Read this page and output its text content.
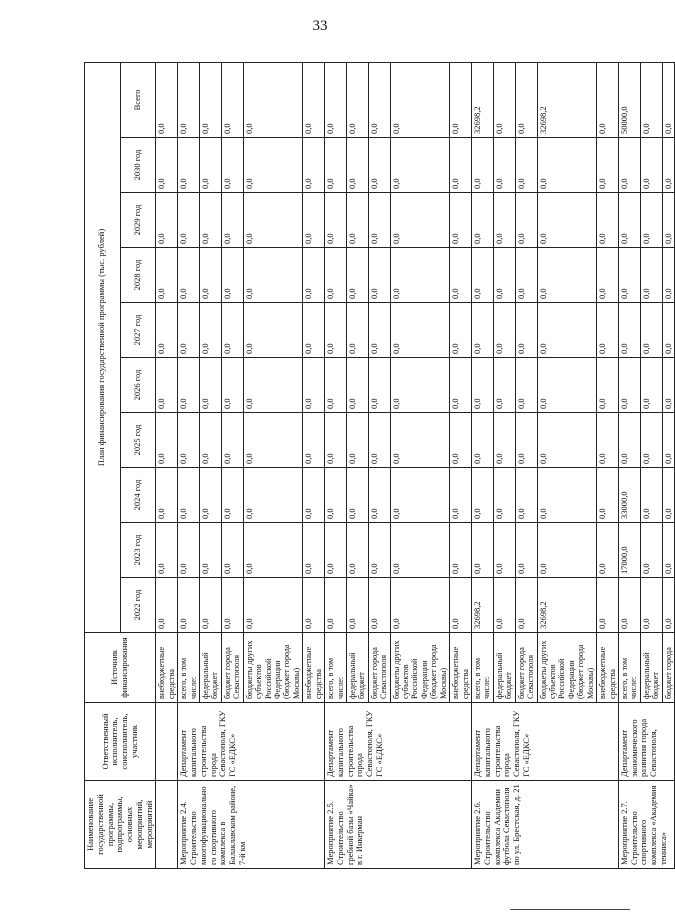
33
Наименование государственной программы, подпрограммы, основных мероприятий, мероприятий	Ответственный исполнитель, соисполнитель, участник	Источник финансирования	План финансирования государственной программы (тыс. рублей)									
			2022 год	2023 год	2024 год	2025 год	2026 год	2027 год	2028 год	2029 год	2030 год	Всего
		внебюджетные средства	0,0	0,0	0,0	0,0	0,0	0,0	0,0	0,0	0,0	0,0
Мероприятие 2.4. Строительство многофункционального спортивного комплекса в Балаклавском районе, 7-й км	Департамент капитального строительства города Севастополя, ГКУ ГС «ЕДКС»	всего, в том числе:	0,0	0,0	0,0	0,0	0,0	0,0	0,0	0,0	0,0	0,0
		федеральный бюджет	0,0	0,0	0,0	0,0	0,0	0,0	0,0	0,0	0,0	0,0
		бюджет города Севастополя	0,0	0,0	0,0	0,0	0,0	0,0	0,0	0,0	0,0	0,0
		бюджеты других субъектов Российской Федерации (бюджет города Москвы)	0,0	0,0	0,0	0,0	0,0	0,0	0,0	0,0	0,0	0,0
		внебюджетные средства	0,0	0,0	0,0	0,0	0,0	0,0	0,0	0,0	0,0	0,0
Мероприятие 2.5. Строительство гребной базы «Чайка» в г. Инкерман	Департамент капитального строительства города Севастополя, ГКУ ГС «ЕДКС»	всего, в том числе:	0,0	0,0	0,0	0,0	0,0	0,0	0,0	0,0	0,0	0,0
		федеральный бюджет	0,0	0,0	0,0	0,0	0,0	0,0	0,0	0,0	0,0	0,0
		бюджет города Севастополя	0,0	0,0	0,0	0,0	0,0	0,0	0,0	0,0	0,0	0,0
		бюджеты других субъектов Российской Федерации (бюджет города Москвы)	0,0	0,0	0,0	0,0	0,0	0,0	0,0	0,0	0,0	0,0
		внебюджетные средства	0,0	0,0	0,0	0,0	0,0	0,0	0,0	0,0	0,0	0,0
Мероприятие 2.6. Строительство комплекса Академии футбола Севастополя по ул. Брестская, д. 21	Департамент капитального строительства города Севастополя, ГКУ ГС «ЕДКС»	всего, в том числе:	32698,2	0,0	0,0	0,0	0,0	0,0	0,0	0,0	0,0	32698,2
		федеральный бюджет	0,0	0,0	0,0	0,0	0,0	0,0	0,0	0,0	0,0	0,0
		бюджет города Севастополя	0,0	0,0	0,0	0,0	0,0	0,0	0,0	0,0	0,0	0,0
		бюджеты других субъектов Российской Федерации (бюджет города Москвы)	32698,2	0,0	0,0	0,0	0,0	0,0	0,0	0,0	0,0	32698,2
		внебюджетные средства	0,0	0,0	0,0	0,0	0,0	0,0	0,0	0,0	0,0	0,0
Мероприятие 2.7. Строительство спортивного комплекса «Академия тенниса»	Департамент экономического развития города Севастополя,	всего, в том числе:	0,0	17000,0	33000,0	0,0	0,0	0,0	0,0	0,0	0,0	50000,0
		федеральный бюджет	0,0	0,0	0,0	0,0	0,0	0,0	0,0	0,0	0,0	0,0
		бюджет города	0,0	0,0	0,0	0,0	0,0	0,0	0,0	0,0	0,0	0,0
